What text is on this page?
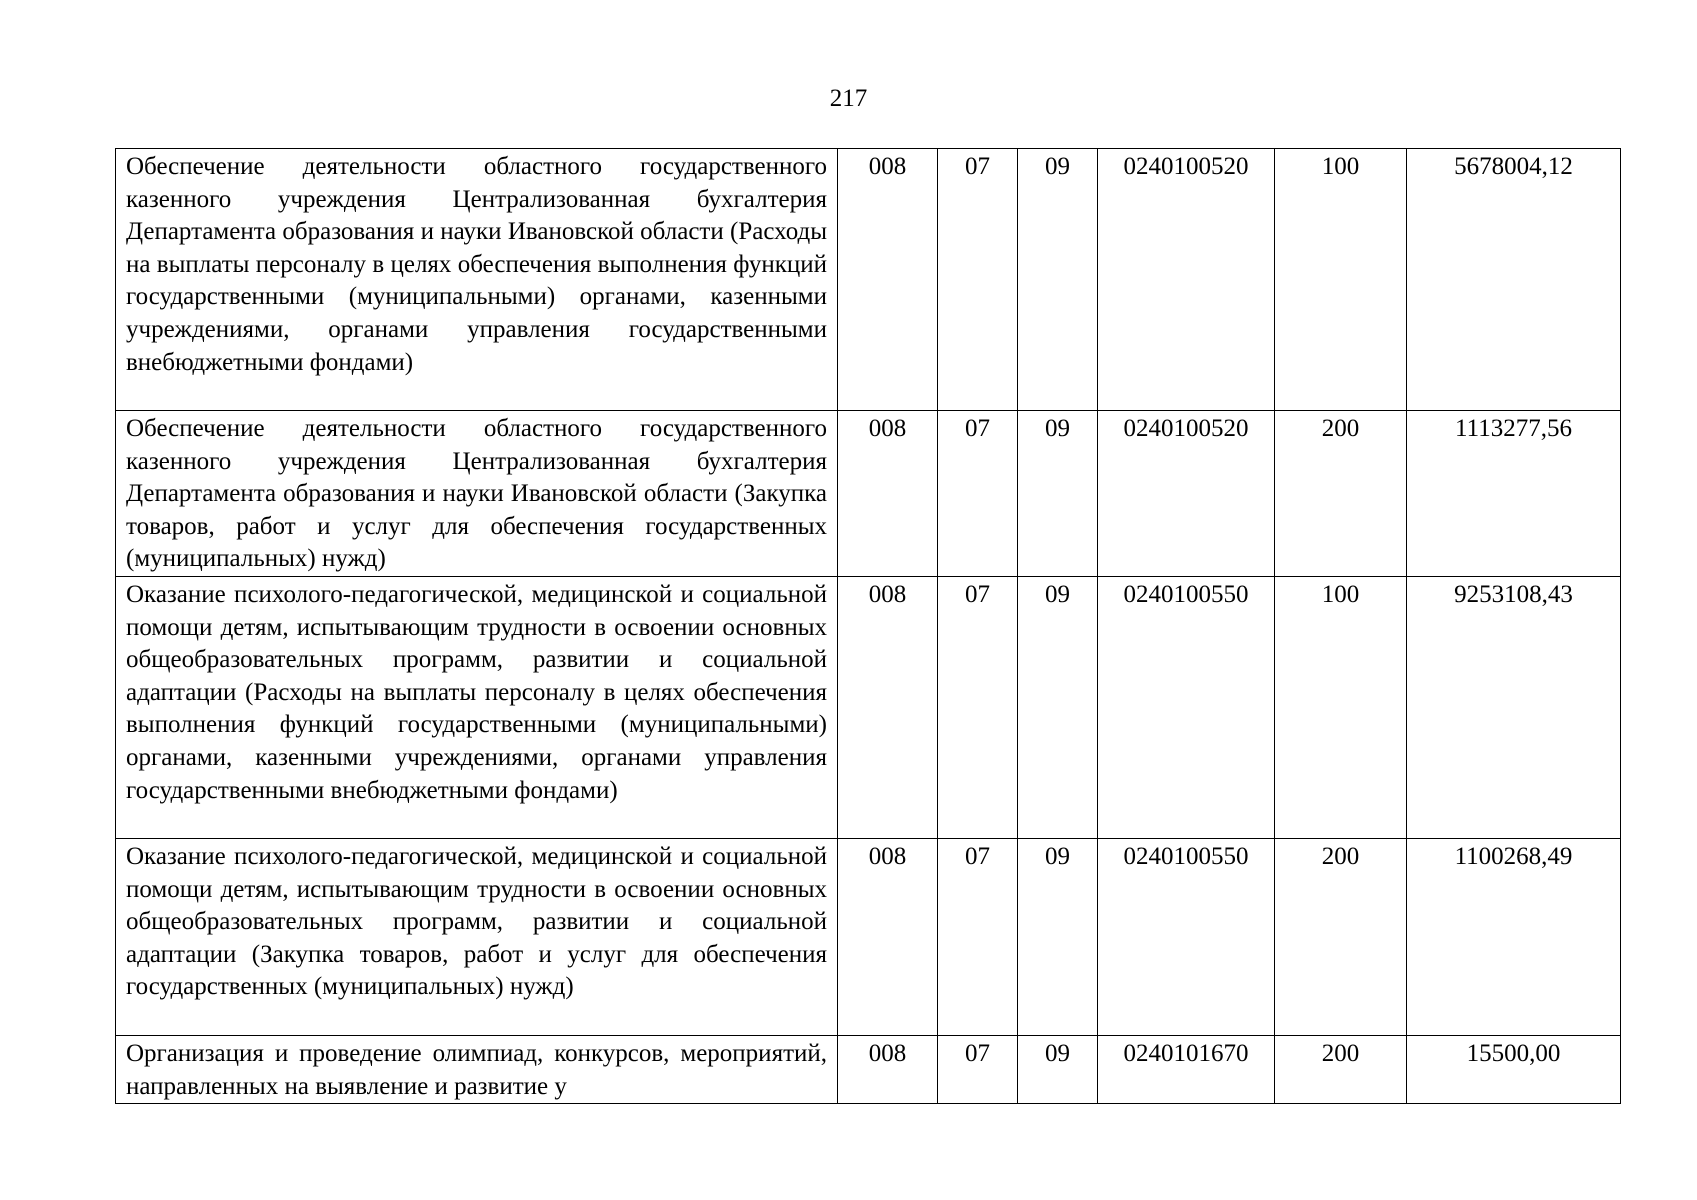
217
Обеспечение деятельности областного государственного казенного учреждения Централизованная бухгалтерия Департамента образования и науки Ивановской области (Расходы на выплаты персоналу в целях обеспечения выполнения функций государственными (муниципальными) органами, казенными учреждениями, органами управления государственными внебюджетными фондами)	008	07	09	0240100520	100	5678004,12
Обеспечение деятельности областного государственного казенного учреждения Централизованная бухгалтерия Департамента образования и науки Ивановской области (Закупка товаров, работ и услуг для обеспечения государственных (муниципальных) нужд)	008	07	09	0240100520	200	1113277,56
Оказание психолого-педагогической, медицинской и социальной помощи детям, испытывающим трудности в освоении основных общеобразовательных программ, развитии и социальной адаптации (Расходы на выплаты персоналу в целях обеспечения выполнения функций государственными (муниципальными) органами, казенными учреждениями, органами управления государственными внебюджетными фондами)	008	07	09	0240100550	100	9253108,43
Оказание психолого-педагогической, медицинской и социальной помощи детям, испытывающим трудности в освоении основных общеобразовательных программ, развитии и социальной адаптации (Закупка товаров, работ и услуг для обеспечения государственных (муниципальных) нужд)	008	07	09	0240100550	200	1100268,49
Организация и проведение олимпиад, конкурсов, мероприятий, направленных на выявление и развитие у	008	07	09	0240101670	200	15500,00
